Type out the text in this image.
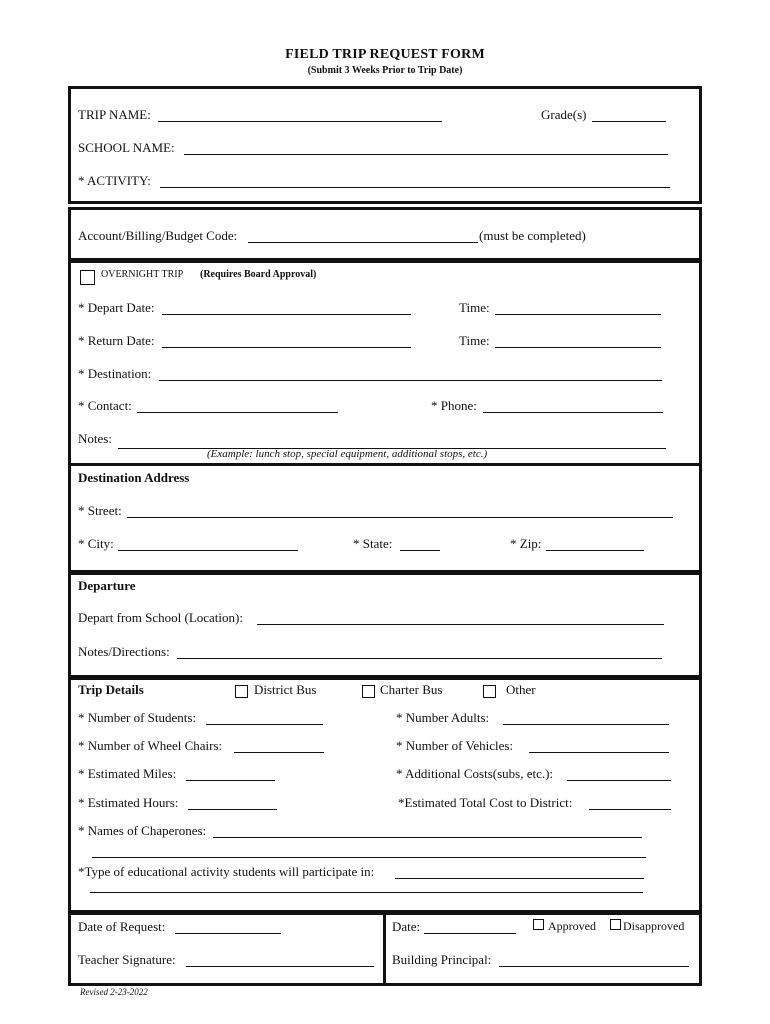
FIELD TRIP REQUEST FORM
(Submit 3 Weeks Prior to Trip Date)
TRIP NAME:	Grade(s)
SCHOOL NAME:
* ACTIVITY:
Account/Billing/Budget Code:	(must be completed)
OVERNIGHT TRIP (Requires Board Approval)
* Depart Date:	Time:
* Return Date:	Time:
* Destination:
* Contact:	* Phone:
Notes:
(Example: lunch stop, special equipment, additional stops, etc.)
Destination Address
* Street:
* City:	* State:	* Zip:
Departure
Depart from School (Location):
Notes/Directions:
Trip Details	District Bus	Charter Bus	Other
* Number of Students:	* Number Adults:
* Number of Wheel Chairs:	* Number of Vehicles:
* Estimated Miles:	* Additional Costs(subs, etc.):
* Estimated Hours:	*Estimated Total Cost to District:
* Names of Chaperones:
*Type of educational activity students will participate in:
Date of Request:
Teacher Signature:
Date:	Approved Disapproved
Building Principal:
Revised 2-23-2022
